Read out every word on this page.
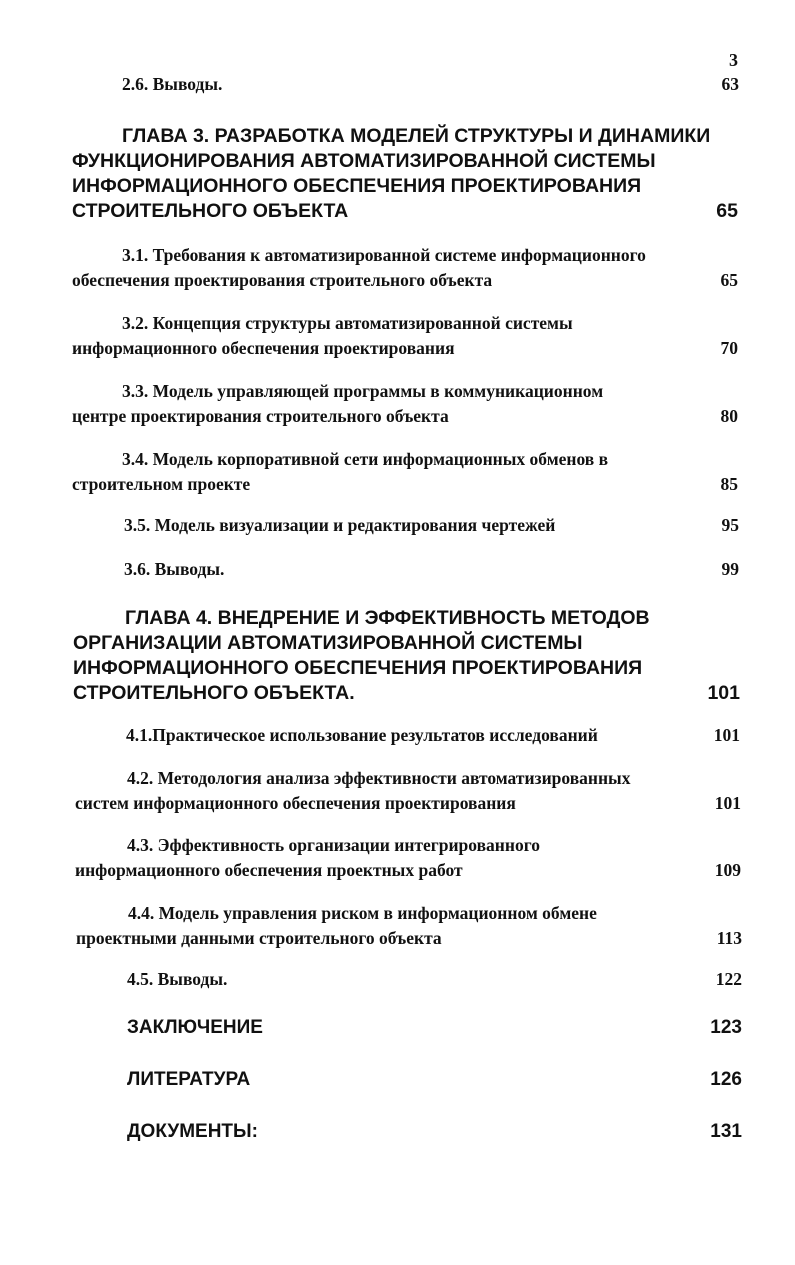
3
2.6. Выводы.	63
ГЛАВА 3. РАЗРАБОТКА МОДЕЛЕЙ СТРУКТУРЫ И ДИНАМИКИ
ФУНКЦИОНИРОВАНИЯ АВТОМАТИЗИРОВАННОЙ СИСТЕМЫ
ИНФОРМАЦИОННОГО ОБЕСПЕЧЕНИЯ ПРОЕКТИРОВАНИЯ
СТРОИТЕЛЬНОГО ОБЪЕКТА	65
3.1. Требования к автоматизированной системе информационного
обеспечения проектирования строительного объекта	65
3.2. Концепция структуры автоматизированной системы
информационного обеспечения проектирования	70
3.3. Модель управляющей программы в коммуникационном
центре проектирования строительного объекта	80
3.4. Модель корпоративной сети информационных обменов в
строительном проекте	85
3.5. Модель визуализации и редактирования чертежей	95
3.6. Выводы.	99
ГЛАВА 4. ВНЕДРЕНИЕ И ЭФФЕКТИВНОСТЬ МЕТОДОВ
ОРГАНИЗАЦИИ АВТОМАТИЗИРОВАННОЙ СИСТЕМЫ
ИНФОРМАЦИОННОГО ОБЕСПЕЧЕНИЯ ПРОЕКТИРОВАНИЯ
СТРОИТЕЛЬНОГО ОБЪЕКТА.	101
4.1.Практическое использование результатов исследований	101
4.2. Методология анализа эффективности автоматизированных
систем информационного обеспечения проектирования	101
4.3. Эффективность организации интегрированного
информационного обеспечения проектных работ	109
4.4. Модель управления риском в информационном обмене
проектными данными строительного объекта	113
4.5. Выводы.	122
ЗАКЛЮЧЕНИЕ	123
ЛИТЕРАТУРА	126
ДОКУМЕНТЫ:	131
